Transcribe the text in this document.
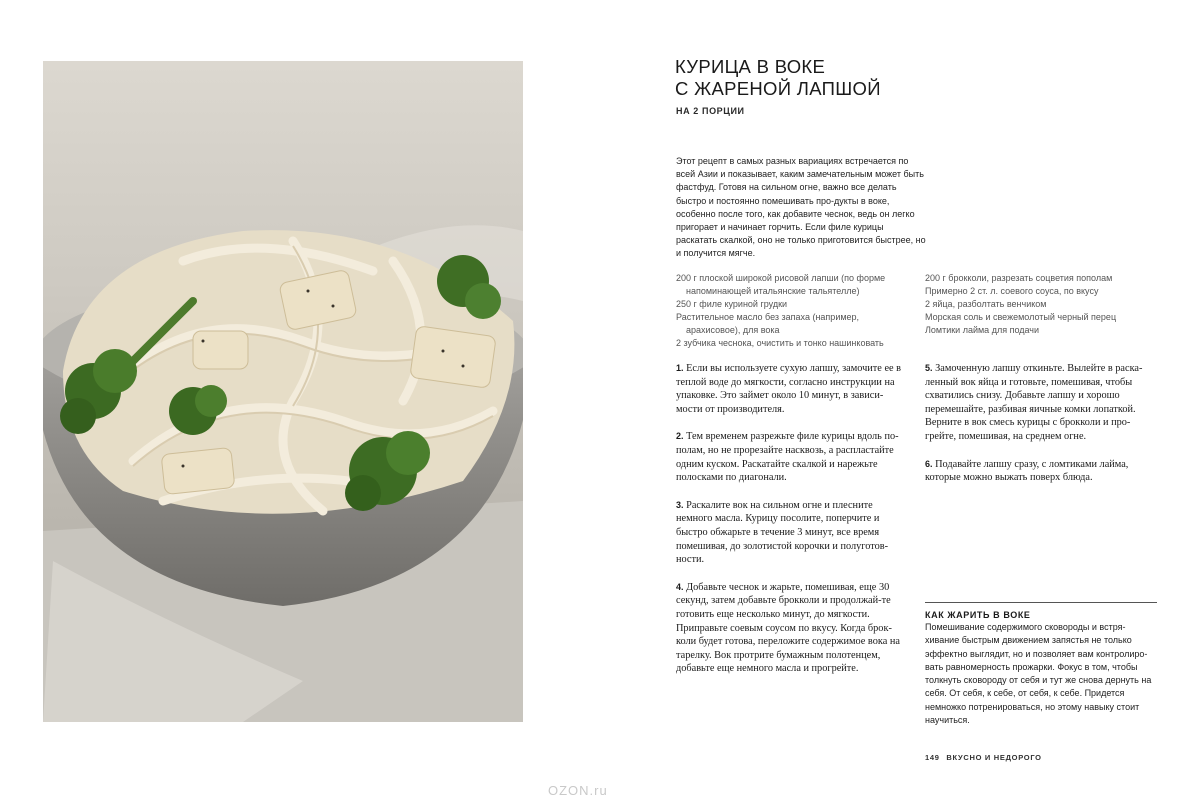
КУРИЦА В ВОКЕ
С ЖАРЕНОЙ ЛАПШОЙ
НА 2 ПОРЦИИ

Этот рецепт в самых разных вариациях встречается по всей Азии и показывает, каким замечательным может быть фастфуд. Готовя на сильном огне, важно все делать быстро и постоянно помешивать про-дукты в воке, особенно после того, как добавите чеснок, ведь он легко пригорает и начинает горчить. Если филе курицы раскатать скалкой, оно не только приготовится быстрее, но и получится мягче.

200 г плоской широкой рисовой лапши (по форме
напоминающей итальянские тальятелле)
250 г филе куриной грудки
Растительное масло без запаха (например,
арахисовое), для вока
2 зубчика чеснока, очистить и тонко нашинковать
200 г брокколи, разрезать соцветия пополам
Примерно 2 ст. л. соевого соуса, по вкусу
2 яйца, разболтать венчиком
Морская соль и свежемолотый черный перец
Ломтики лайма для подачи

1. Если вы используете сухую лапшу, замочите ее в теплой воде до мягкости, согласно инструкции на упаковке. Это займет около 10 минут, в зависи-мости от производителя.

2. Тем временем разрежьте филе курицы вдоль по-полам, но не прорезайте насквозь, а распластайте одним куском. Раскатайте скалкой и нарежьте полосками по диагонали.

3. Раскалите вок на сильном огне и плесните немного масла. Курицу посолите, поперчите и быстро обжарьте в течение 3 минут, все время помешивая, до золотистой корочки и полуготов-ности.

4. Добавьте чеснок и жарьте, помешивая, еще 30 секунд, затем добавьте брокколи и продолжай-те готовить еще несколько минут, до мягкости. Приправьте соевым соусом по вкусу. Когда брок-коли будет готова, переложите содержимое вока на тарелку. Вок протрите бумажным полотенцем, добавьте еще немного масла и прогрейте.

5. Замоченную лапшу откиньте. Вылейте в раска-ленный вок яйца и готовьте, помешивая, чтобы схватились снизу. Добавьте лапшу и хорошо перемешайте, разбивая яичные комки лопаткой. Верните в вок смесь курицы с брокколи и про-грейте, помешивая, на среднем огне.

6. Подавайте лапшу сразу, с ломтиками лайма, которые можно выжать поверх блюда.

КАК ЖАРИТЬ В ВОКЕ

Помешивание содержимого сковороды и встря-хивание быстрым движением запястья не только эффектно выглядит, но и позволяет вам контролиро-вать равномерность прожарки. Фокус в том, чтобы толкнуть сковороду от себя и тут же снова дернуть на себя. От себя, к себе, от себя, к себе. Придется немножко потренироваться, но этому навыку стоит научиться.

149 ВКУСНО И НЕДОРОГО
OZON.ru
